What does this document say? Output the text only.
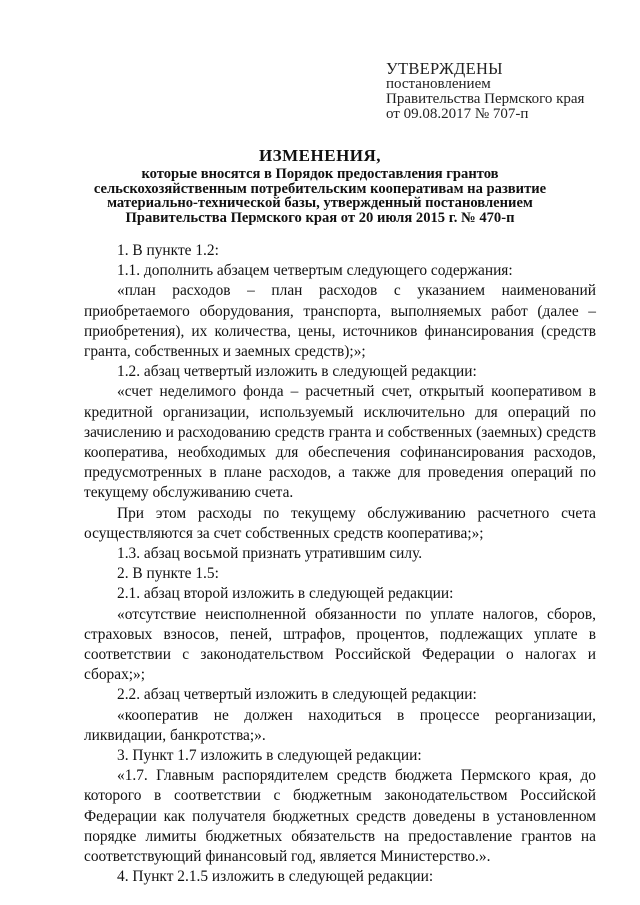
УТВЕРЖДЕНЫ
постановлением
Правительства Пермского края
от 09.08.2017 № 707-п
ИЗМЕНЕНИЯ,
которые вносятся в Порядок предоставления грантов
сельскохозяйственным потребительским кооперативам на развитие
материально-технической базы, утвержденный постановлением
Правительства Пермского края от 20 июля 2015 г. № 470-п

1. В пункте 1.2:

1.1. дополнить абзацем четвертым следующего содержания:

«план расходов – план расходов с указанием наименований приобретаемого оборудования, транспорта, выполняемых работ (далее – приобретения), их количества, цены, источников финансирования (средств гранта, собственных и заемных средств);»;

1.2. абзац четвертый изложить в следующей редакции:

«счет неделимого фонда – расчетный счет, открытый кооперативом в кредитной организации, используемый исключительно для операций по зачислению и расходованию средств гранта и собственных (заемных) средств кооператива, необходимых для обеспечения софинансирования расходов, предусмотренных в плане расходов, а также для проведения операций по текущему обслуживанию счета.

При этом расходы по текущему обслуживанию расчетного счета осуществляются за счет собственных средств кооператива;»;

1.3. абзац восьмой признать утратившим силу.

2. В пункте 1.5:

2.1. абзац второй изложить в следующей редакции:

«отсутствие неисполненной обязанности по уплате налогов, сборов, страховых взносов, пеней, штрафов, процентов, подлежащих уплате в соответствии с законодательством Российской Федерации о налогах и сборах;»;

2.2. абзац четвертый изложить в следующей редакции:

«кооператив не должен находиться в процессе реорганизации, ликвидации, банкротства;».

3. Пункт 1.7 изложить в следующей редакции:

«1.7. Главным распорядителем средств бюджета Пермского края, до которого в соответствии с бюджетным законодательством Российской Федерации как получателя бюджетных средств доведены в установленном порядке лимиты бюджетных обязательств на предоставление грантов на соответствующий финансовый год, является Министерство.».

4. Пункт 2.1.5 изложить в следующей редакции:
